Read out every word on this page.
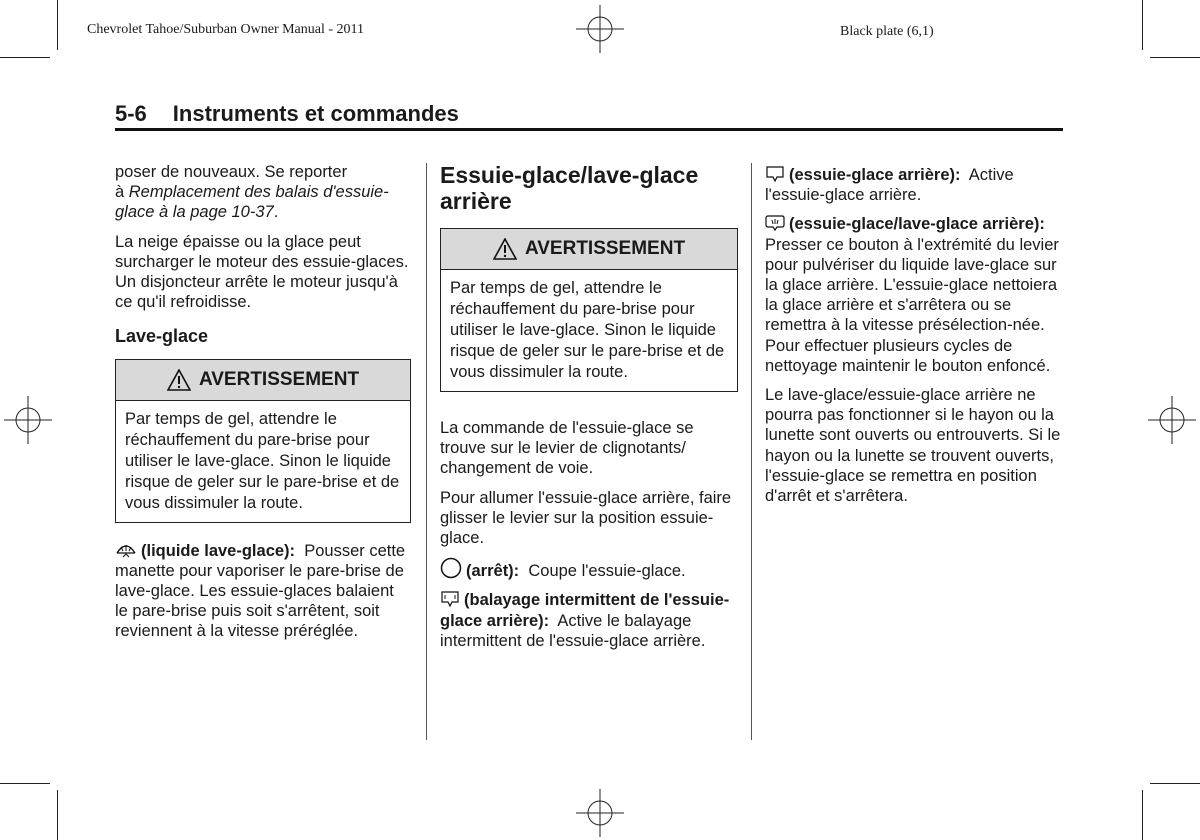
Chevrolet Tahoe/Suburban Owner Manual - 2011	Black plate (6,1)
5-6 Instruments et commandes

poser de nouveaux. Se reporter
à Remplacement des balais d'essuie-glace à la page 10-37.

La neige épaisse ou la glace peut surcharger le moteur des essuie-glaces. Un disjoncteur arrête le moteur jusqu'à ce qu'il refroidisse.

Lave-glace
AVERTISSEMENT
Par temps de gel, attendre le réchauffement du pare-brise pour utiliser le lave-glace. Sinon le liquide risque de geler sur le pare-brise et de vous dissimuler la route.

(liquide lave-glace): Pousser cette manette pour vaporiser le pare-brise de lave-glace. Les essuie-glaces balaient le pare-brise puis soit s'arrêtent, soit reviennent à la vitesse préréglée.

Essuie-glace/lave-glace arrière
AVERTISSEMENT
Par temps de gel, attendre le réchauffement du pare-brise pour utiliser le lave-glace. Sinon le liquide risque de geler sur le pare-brise et de vous dissimuler la route.

La commande de l'essuie-glace se trouve sur le levier de clignotants/ changement de voie.

Pour allumer l'essuie-glace arrière, faire glisser le levier sur la position essuie-glace.

(arrêt): Coupe l'essuie-glace.

(balayage intermittent de l'essuie-glace arrière): Active le balayage intermittent de l'essuie-glace arrière.

(essuie-glace arrière): Active l'essuie-glace arrière.

(essuie-glace/lave-glace arrière):  Presser ce bouton à l'extrémité du levier pour pulvériser du liquide lave-glace sur la glace arrière. L'essuie-glace nettoiera la glace arrière et s'arrêtera ou se remettra à la vitesse présélection-née. Pour effectuer plusieurs cycles de nettoyage maintenir le bouton enfoncé.

Le lave-glace/essuie-glace arrière ne pourra pas fonctionner si le hayon ou la lunette sont ouverts ou entrouverts. Si le hayon ou la lunette se trouvent ouverts, l'essuie-glace se remettra en position d'arrêt et s'arrêtera.
